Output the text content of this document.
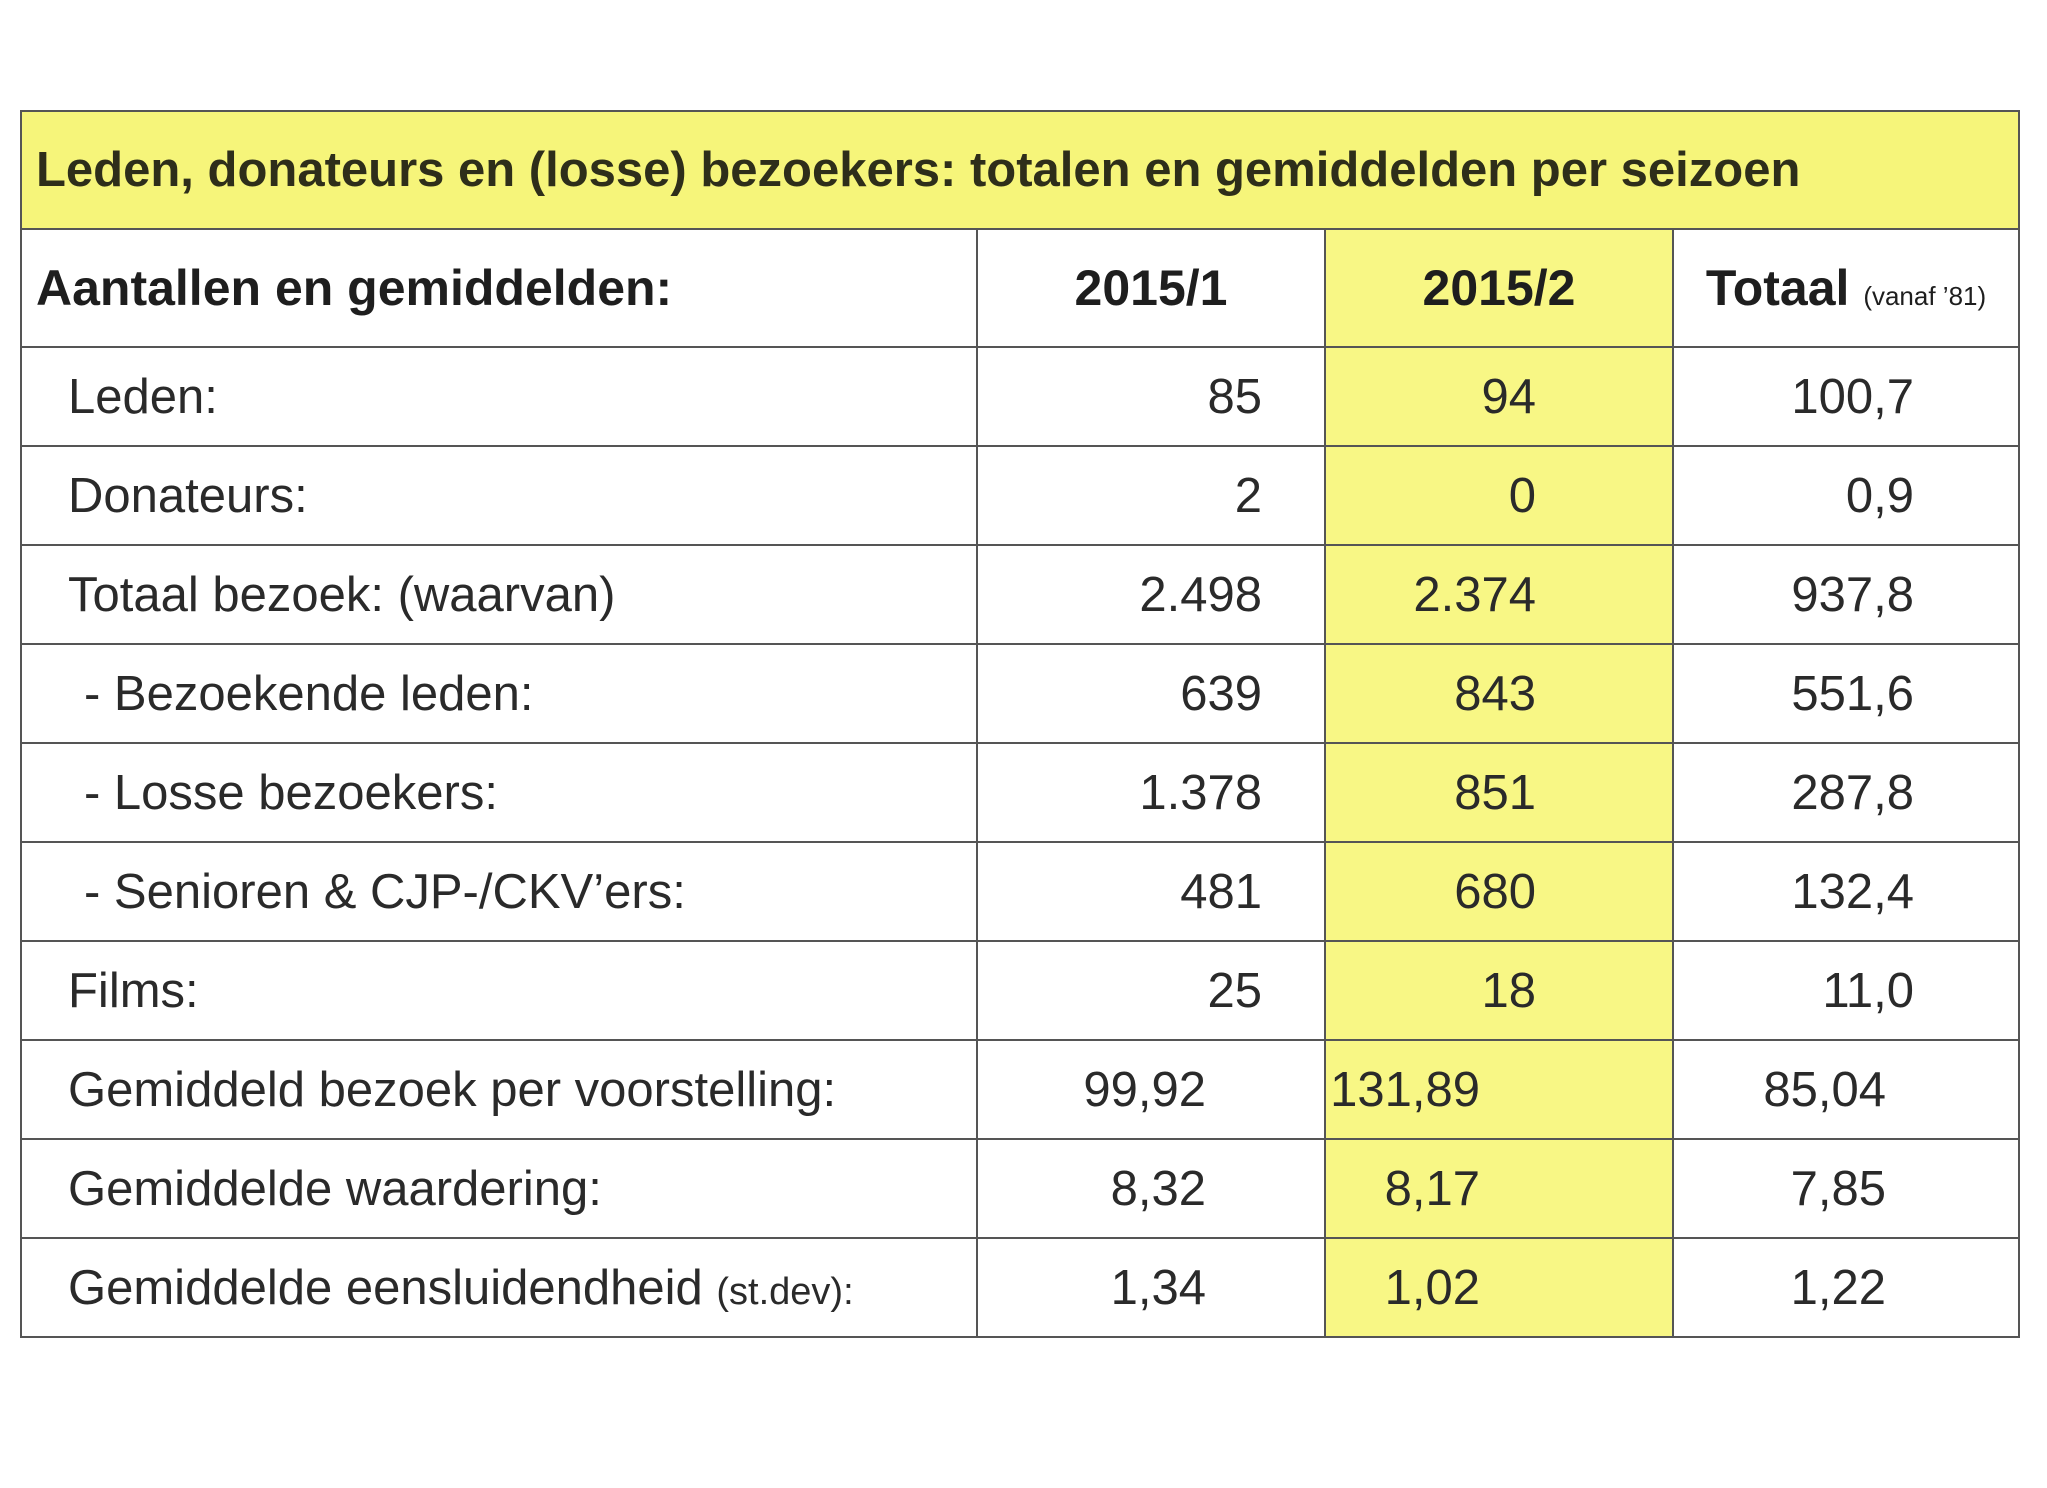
Leden, donateurs en (losse) bezoekers: totalen en gemiddelden per seizoen			
Aantallen en gemiddelden:	2015/1	2015/2	Totaal (vanaf ’81)
Leden:	85	94	100,7
Donateurs:	2	0	0,9
Totaal bezoek: (waarvan)	2.498	2.374	937,8
- Bezoekende leden:	639	843	551,6
- Losse bezoekers:	1.378	851	287,8
- Senioren & CJP-/CKV’ers:	481	680	132,4
Films:	25	18	11,0
Gemiddeld bezoek per voorstelling:	99,92	131,89	85,04
Gemiddelde waardering:	8,32	8,17	7,85
Gemiddelde eensluidendheid (st.dev):	1,34	1,02	1,22
